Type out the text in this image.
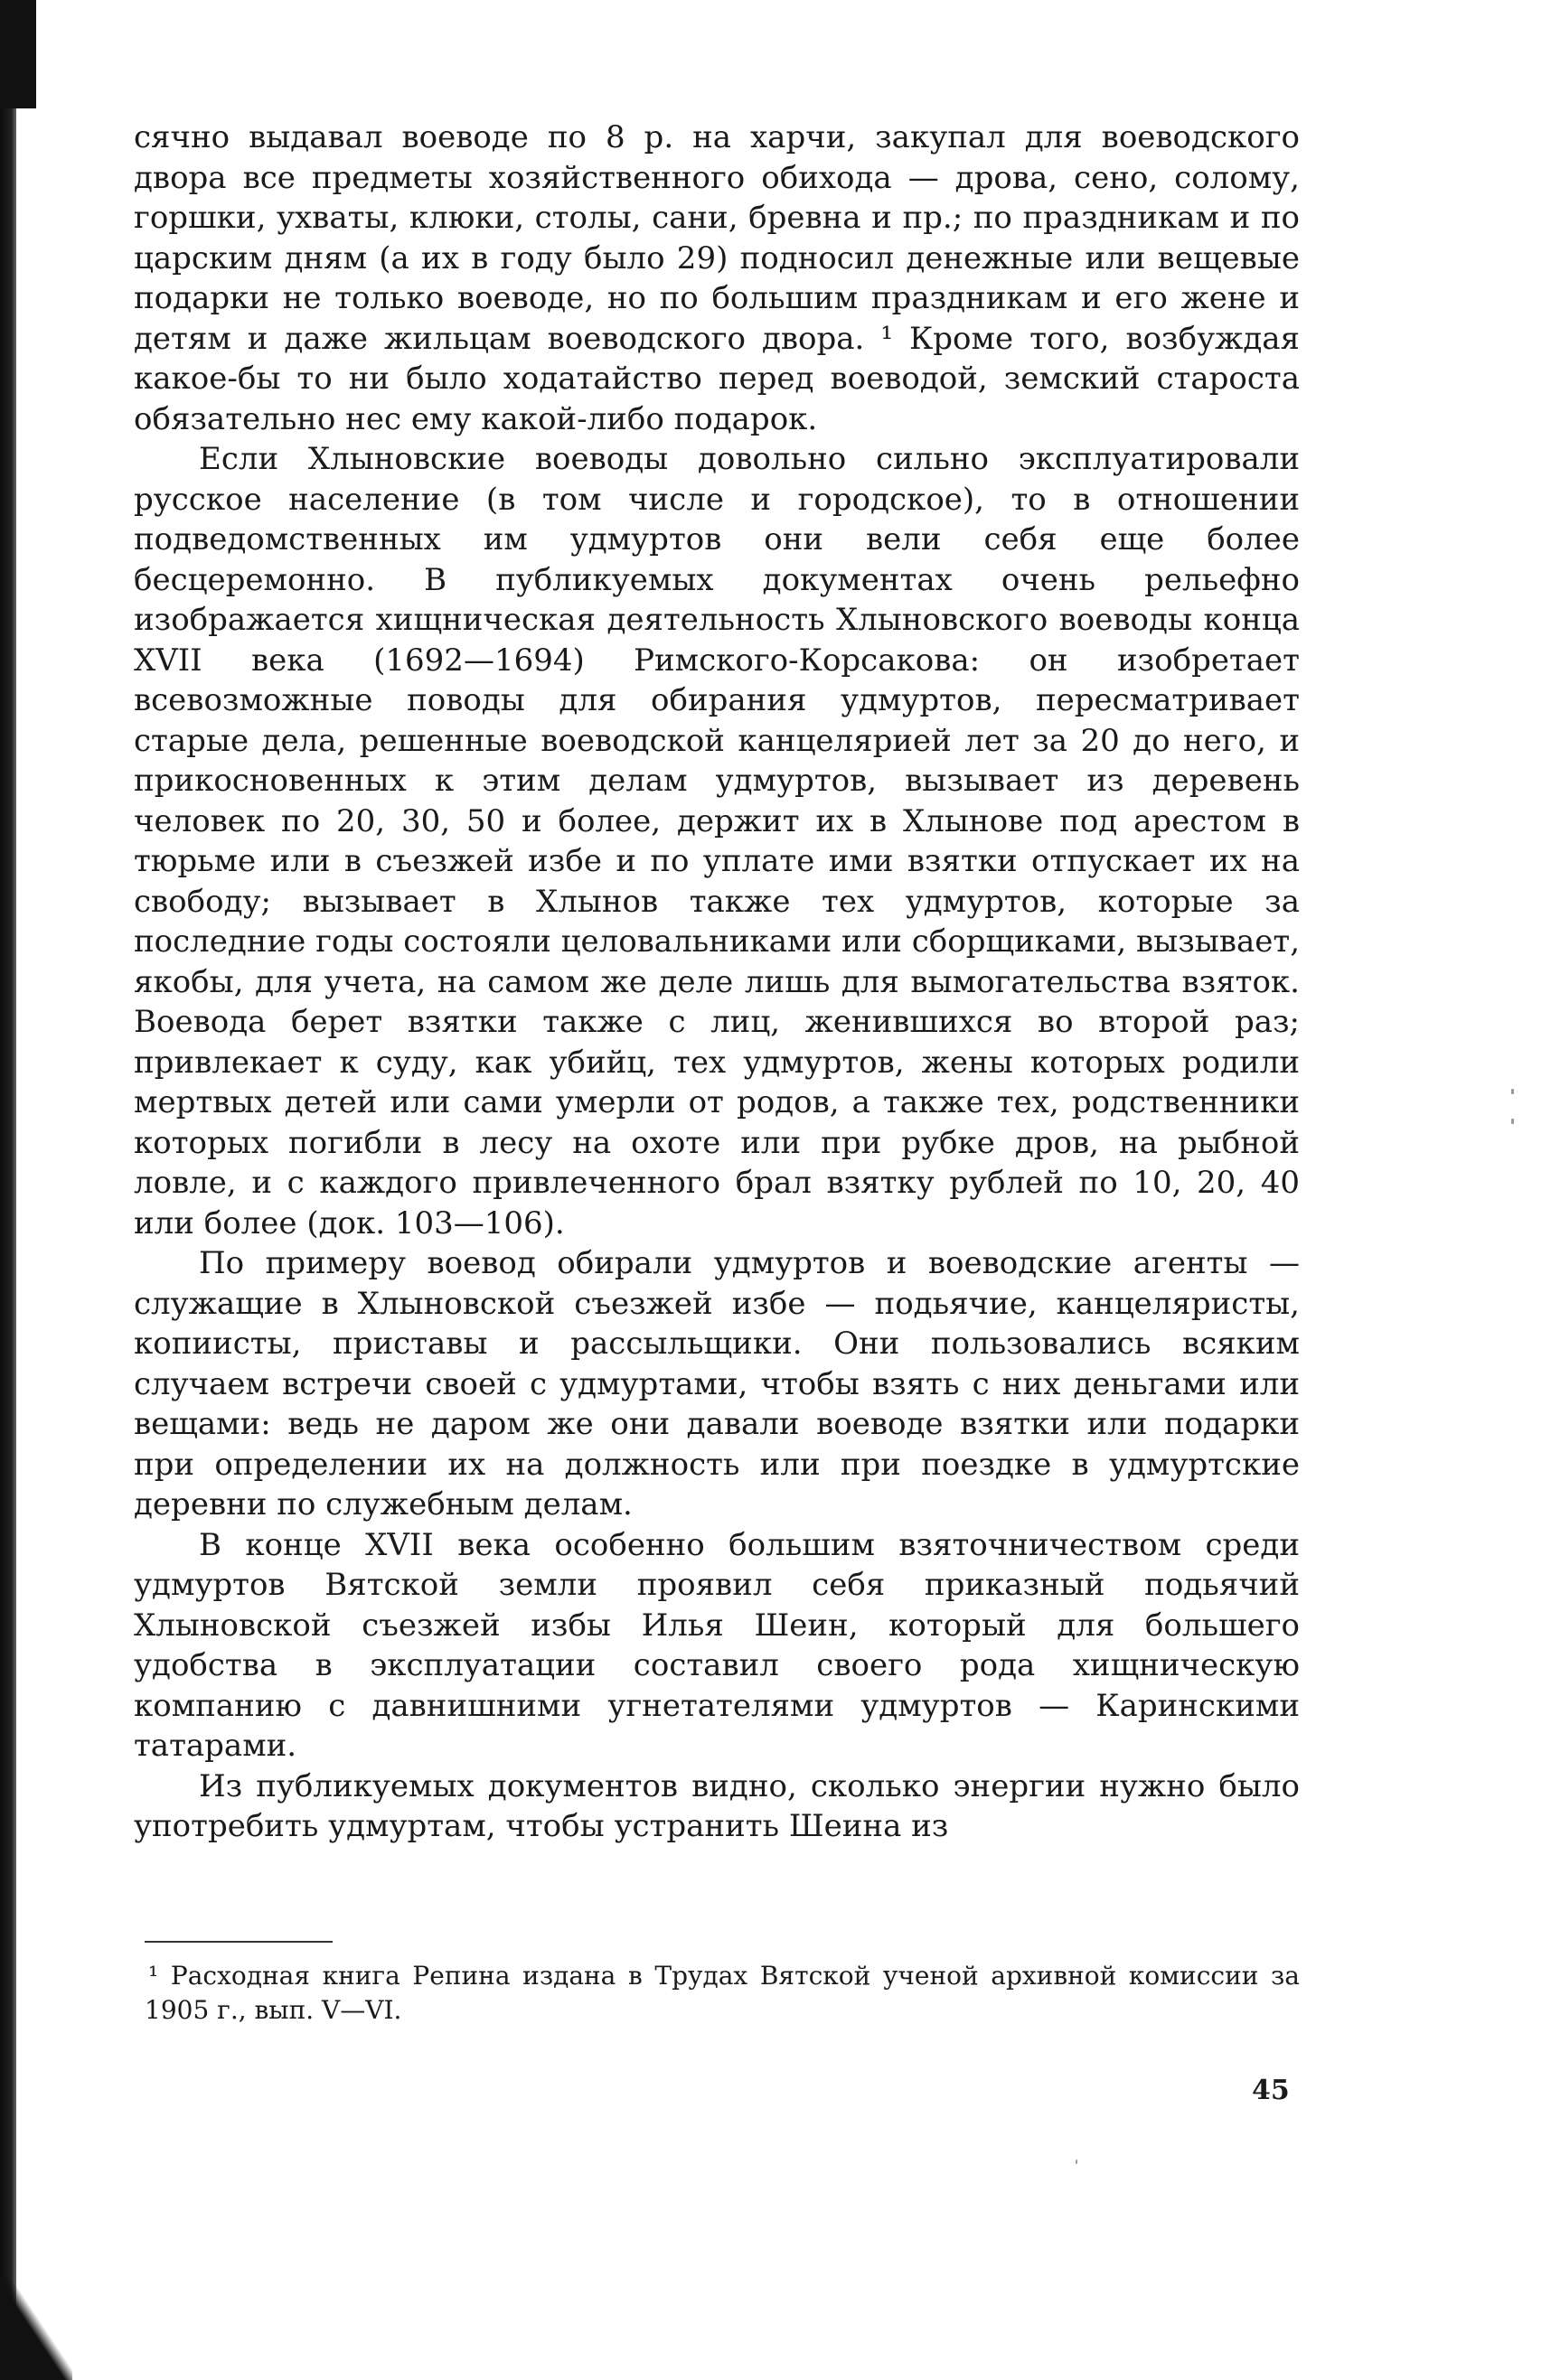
сячно выдавал воеводе по 8 р. на харчи, закупал для воеводского двора все предметы хозяйственного обихода — дрова, сено, солому, горшки, ухваты, клюки, столы, сани, бревна и пр.; по праздникам и по царским дням (а их в году было 29) подносил денежные или вещевые подарки не только воеводе, но по большим праздникам и его жене и детям и даже жильцам воеводского двора. ¹ Кроме того, возбуждая какое-бы то ни было ходатайство перед воеводой, земский староста обязательно нес ему какой-либо подарок.

Если Хлыновские воеводы довольно сильно эксплуатировали русское население (в том числе и городское), то в отношении подведомственных им удмуртов они вели себя еще более бесцеремонно. В публикуемых документах очень рельефно изображается хищническая деятельность Хлыновского воеводы конца XVII века (1692—1694) Римского-Корсакова: он изобретает всевозможные поводы для обирания удмуртов, пересматривает старые дела, решенные воеводской канцелярией лет за 20 до него, и прикосновенных к этим делам удмуртов, вызывает из деревень человек по 20, 30, 50 и более, держит их в Хлынове под арестом в тюрьме или в съезжей избе и по уплате ими взятки отпускает их на свободу; вызывает в Хлынов также тех удмуртов, которые за последние годы состояли целовальниками или сборщиками, вызывает, якобы, для учета, на самом же деле лишь для вымогательства взяток. Воевода берет взятки также с лиц, женившихся во второй раз; привлекает к суду, как убийц, тех удмуртов, жены которых родили мертвых детей или сами умерли от родов, а также тех, родственники которых погибли в лесу на охоте или при рубке дров, на рыбной ловле, и с каждого привлеченного брал взятку рублей по 10, 20, 40 или более (док. 103—106).

По примеру воевод обирали удмуртов и воеводские агенты — служащие в Хлыновской съезжей избе — подьячие, канцеляристы, копиисты, приставы и рассыльщики. Они пользовались всяким случаем встречи своей с удмуртами, чтобы взять с них деньгами или вещами: ведь не даром же они давали воеводе взятки или подарки при определении их на должность или при поездке в удмуртские деревни по служебным делам.

В конце XVII века особенно большим взяточничеством среди удмуртов Вятской земли проявил себя приказный подьячий Хлыновской съезжей избы Илья Шеин, который для большего удобства в эксплуатации составил своего рода хищническую компанию с давнишними угнетателями удмуртов — Каринскими татарами.

Из публикуемых документов видно, сколько энергии нужно было употребить удмуртам, чтобы устранить Шеина из

¹ Расходная книга Репина издана в Трудах Вятской ученой архивной комиссии за 1905 г., вып. V—VI.

45
